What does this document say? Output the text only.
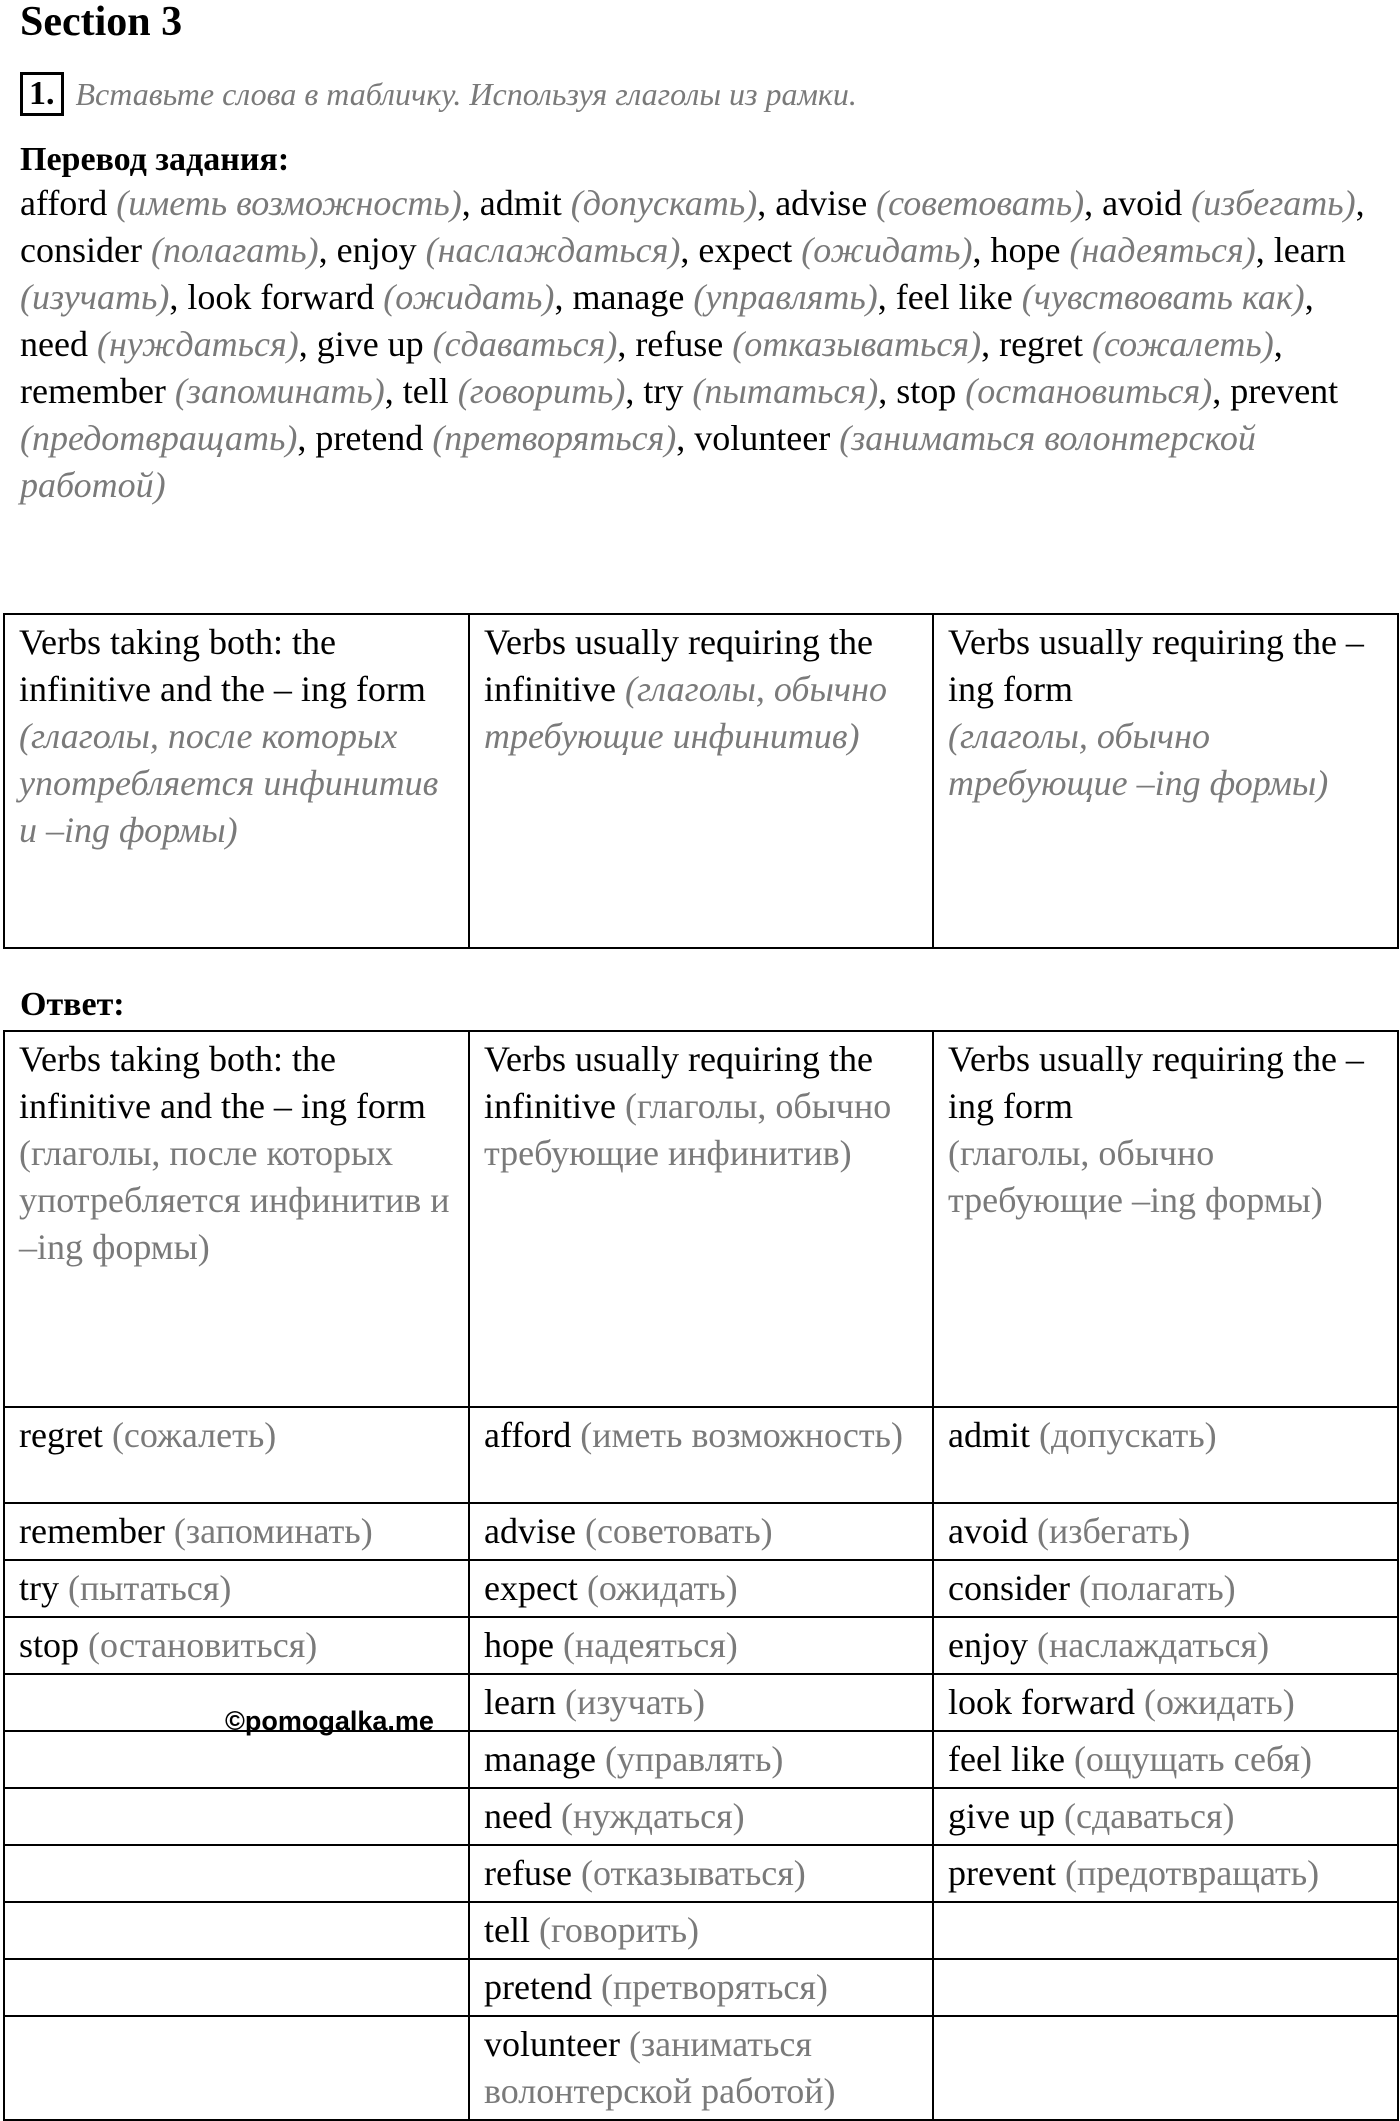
Section 3
1. Вставьте слова в табличку. Используя глаголы из рамки.
Перевод задания:
afford (иметь возможность), admit (допускать), advise (советовать), avoid (избегать), consider (полагать), enjoy (наслаждаться), expect (ожидать), hope (надеяться), learn (изучать), look forward (ожидать), manage (управлять), feel like (чувствовать как), need (нуждаться), give up (сдаваться), refuse (отказываться), regret (сожалеть), remember (запоминать), tell (говорить), try (пытаться), stop (остановиться), prevent (предотвращать), pretend (претворяться), volunteer (заниматься волонтерской работой)
Verbs taking both: the infinitive and the – ing form (глаголы, после которых употребляется инфинитив и –ing формы)	Verbs usually requiring the infinitive (глаголы, обычно требующие инфинитив)	Verbs usually requiring the –ing form
(глаголы, обычно требующие –ing формы)
Ответ:
Verbs taking both: the infinitive and the – ing form (глаголы, после которых употребляется инфинитив и –ing формы)	Verbs usually requiring the infinitive (глаголы, обычно требующие инфинитив)	Verbs usually requiring the –ing form
(глаголы, обычно требующие –ing формы)
regret (сожалеть)	afford (иметь возможность)	admit (допускать)
remember (запоминать)	advise (советовать)	avoid (избегать)
try (пытаться)	expect (ожидать)	consider (полагать)
stop (остановиться)	hope (надеяться)	enjoy (наслаждаться)
	learn (изучать)	look forward (ожидать)
	manage (управлять)	feel like (ощущать себя)
	need (нуждаться)	give up (сдаваться)
	refuse (отказываться)	prevent (предотвращать)
	tell (говорить)	
	pretend (претворяться)	
	volunteer (заниматься волонтерской работой)	
©pomogalka.me
